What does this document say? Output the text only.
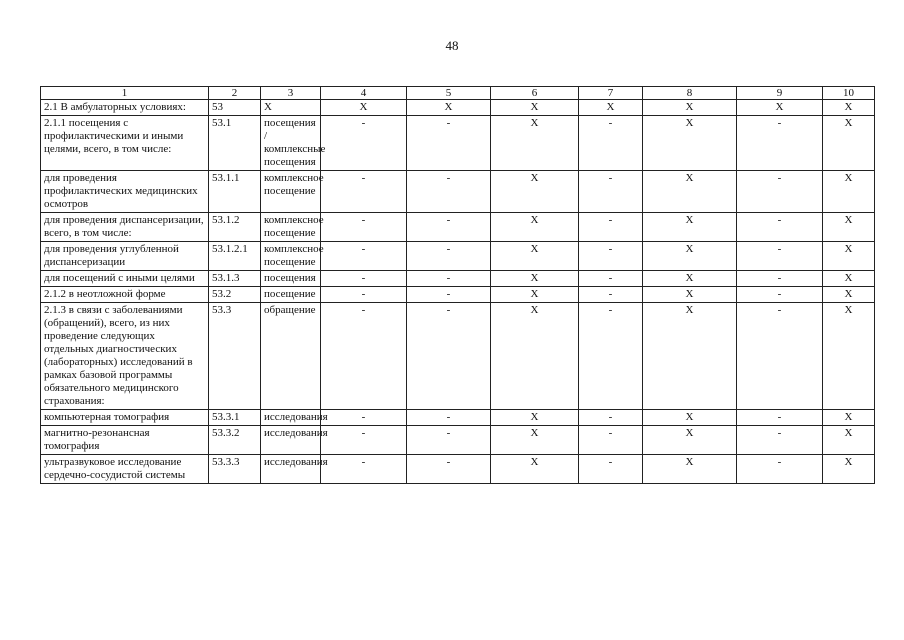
48
1	2	3	4	5	6	7	8	9	10
2.1 В амбулаторных условиях:	53	Х	Х	Х	Х	Х	Х	Х	Х
2.1.1 посещения с профилактическими и иными целями, всего, в том числе:	53.1	посещения / комплексные посещения	-	-	Х	-	Х	-	Х
для проведения профилактических медицинских осмотров	53.1.1	комплексное посещение	-	-	Х	-	Х	-	Х
для проведения диспансеризации, всего, в том числе:	53.1.2	комплексное посещение	-	-	Х	-	Х	-	Х
для проведения углубленной диспансеризации	53.1.2.1	комплексное посещение	-	-	Х	-	Х	-	Х
для посещений с иными целями	53.1.3	посещения	-	-	Х	-	Х	-	Х
2.1.2 в неотложной форме	53.2	посещение	-	-	Х	-	Х	-	Х
2.1.3 в связи с заболеваниями (обращений), всего, из них проведение следующих отдельных диагностических (лабораторных) исследований в рамках базовой программы обязательного медицинского страхования:	53.3	обращение	-	-	Х	-	Х	-	Х
компьютерная томография	53.3.1	исследования	-	-	Х	-	Х	-	Х
магнитно-резонансная томография	53.3.2	исследования	-	-	Х	-	Х	-	Х
ультразвуковое исследование сердечно-сосудистой системы	53.3.3	исследования	-	-	Х	-	Х	-	Х
